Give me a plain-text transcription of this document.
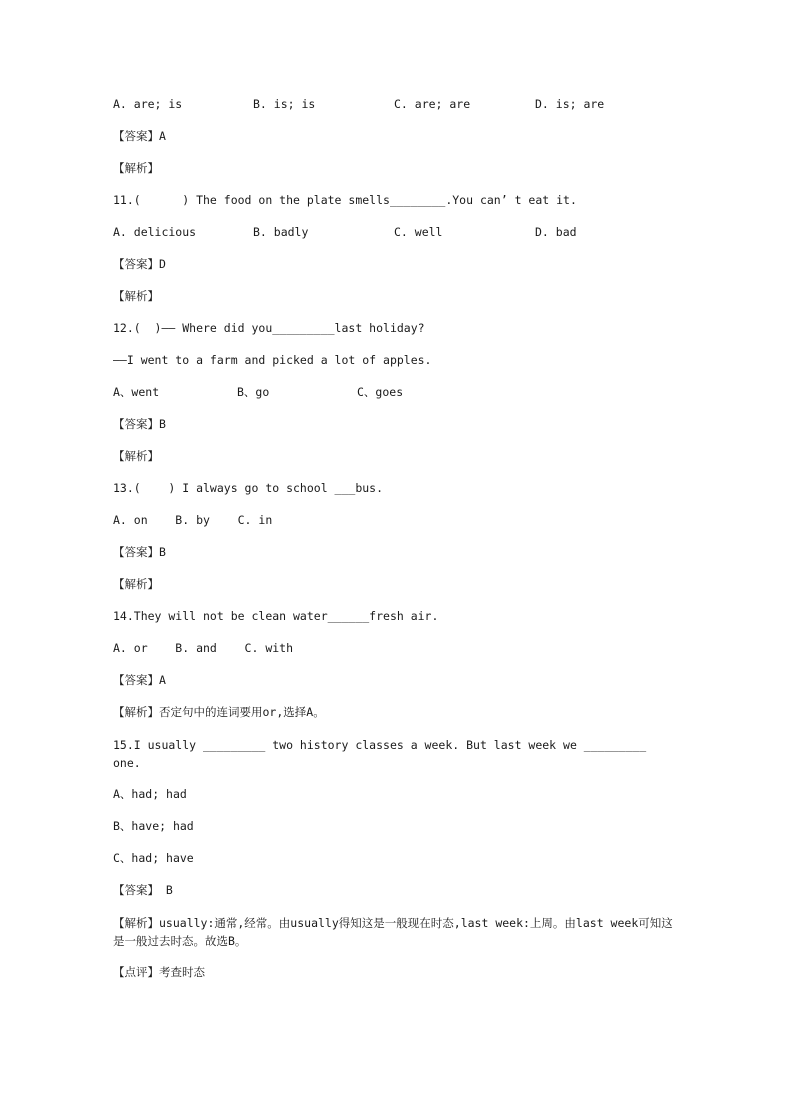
A. are; is	B. is; is	C. are; are	D. is; are
【答案】A
【解析】
11.(      ) The food on the plate smells________.You can’ t eat it.
A. delicious	B. badly	C. well	D. bad
【答案】D
【解析】
12.(  )—— Where did you_________last holiday?
——I went to a farm and picked a lot of apples.
A、went	B、go	C、goes
【答案】B
【解析】
13.(    ) I always go to school ___bus.
A. on    B. by    C. in
【答案】B
【解析】
14.They will not be clean water______fresh air.
A. or    B. and    C. with
【答案】A
【解析】否定句中的连词要用or,选择A。
15.I usually _________ two history classes a week. But last week we _________ one.
A、had; had
B、have; had
C、had; have
【答案】 B
【解析】usually:通常,经常。由usually得知这是一般现在时态,last week:上周。由last week可知这是一般过去时态。故选B。
【点评】考查时态
